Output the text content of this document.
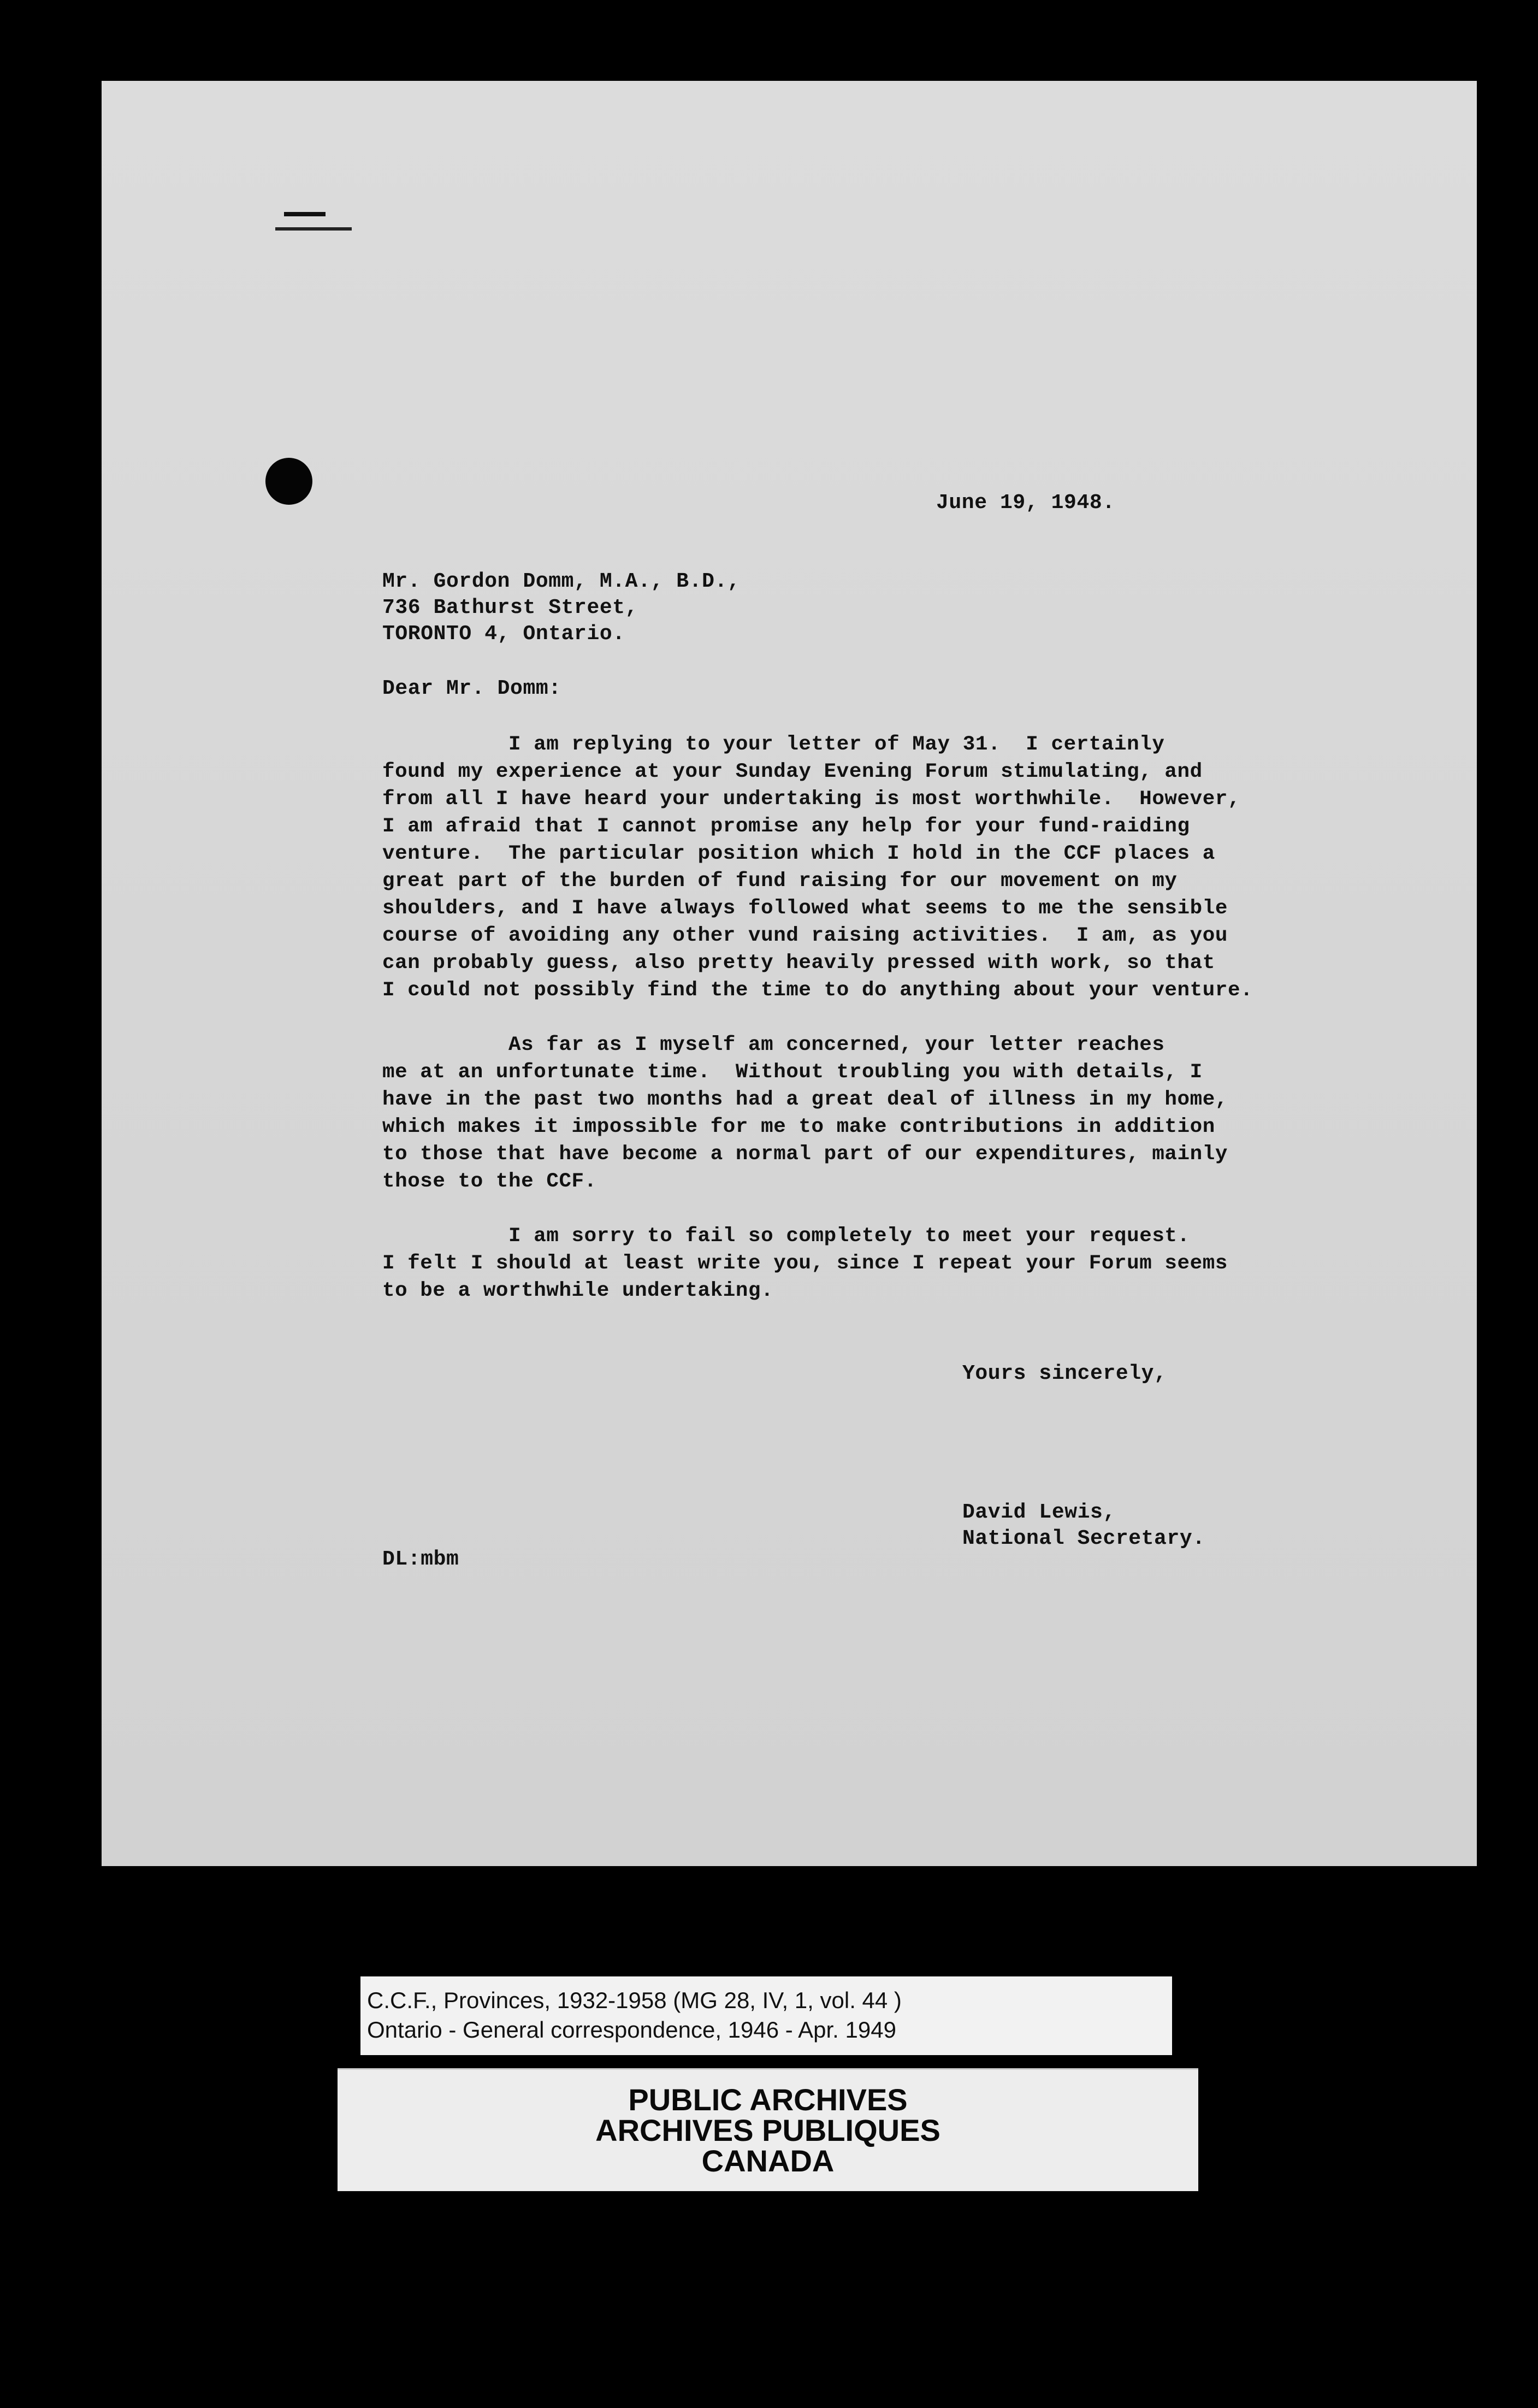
June 19, 1948.
Mr. Gordon Domm, M.A., B.D.,
736 Bathurst Street,
TORONTO 4, Ontario.
Dear Mr. Domm:
I am replying to your letter of May 31.  I certainly
found my experience at your Sunday Evening Forum stimulating, and
from all I have heard your undertaking is most worthwhile.  However,
I am afraid that I cannot promise any help for your fund-raiding
venture.  The particular position which I hold in the CCF places a
great part of the burden of fund raising for our movement on my
shoulders, and I have always followed what seems to me the sensible
course of avoiding any other vund raising activities.  I am, as you
can probably guess, also pretty heavily pressed with work, so that
I could not possibly find the time to do anything about your venture.
As far as I myself am concerned, your letter reaches
me at an unfortunate time.  Without troubling you with details, I
have in the past two months had a great deal of illness in my home,
which makes it impossible for me to make contributions in addition
to those that have become a normal part of our expenditures, mainly
those to the CCF.
I am sorry to fail so completely to meet your request.
I felt I should at least write you, since I repeat your Forum seems
to be a worthwhile undertaking.
Yours sincerely,
David Lewis,
National Secretary.
DL:mbm
C.C.F., Provinces, 1932-1958 (MG 28, IV, 1, vol. 44 )
Ontario - General correspondence, 1946 - Apr. 1949
PUBLIC ARCHIVES
ARCHIVES PUBLIQUES
CANADA
